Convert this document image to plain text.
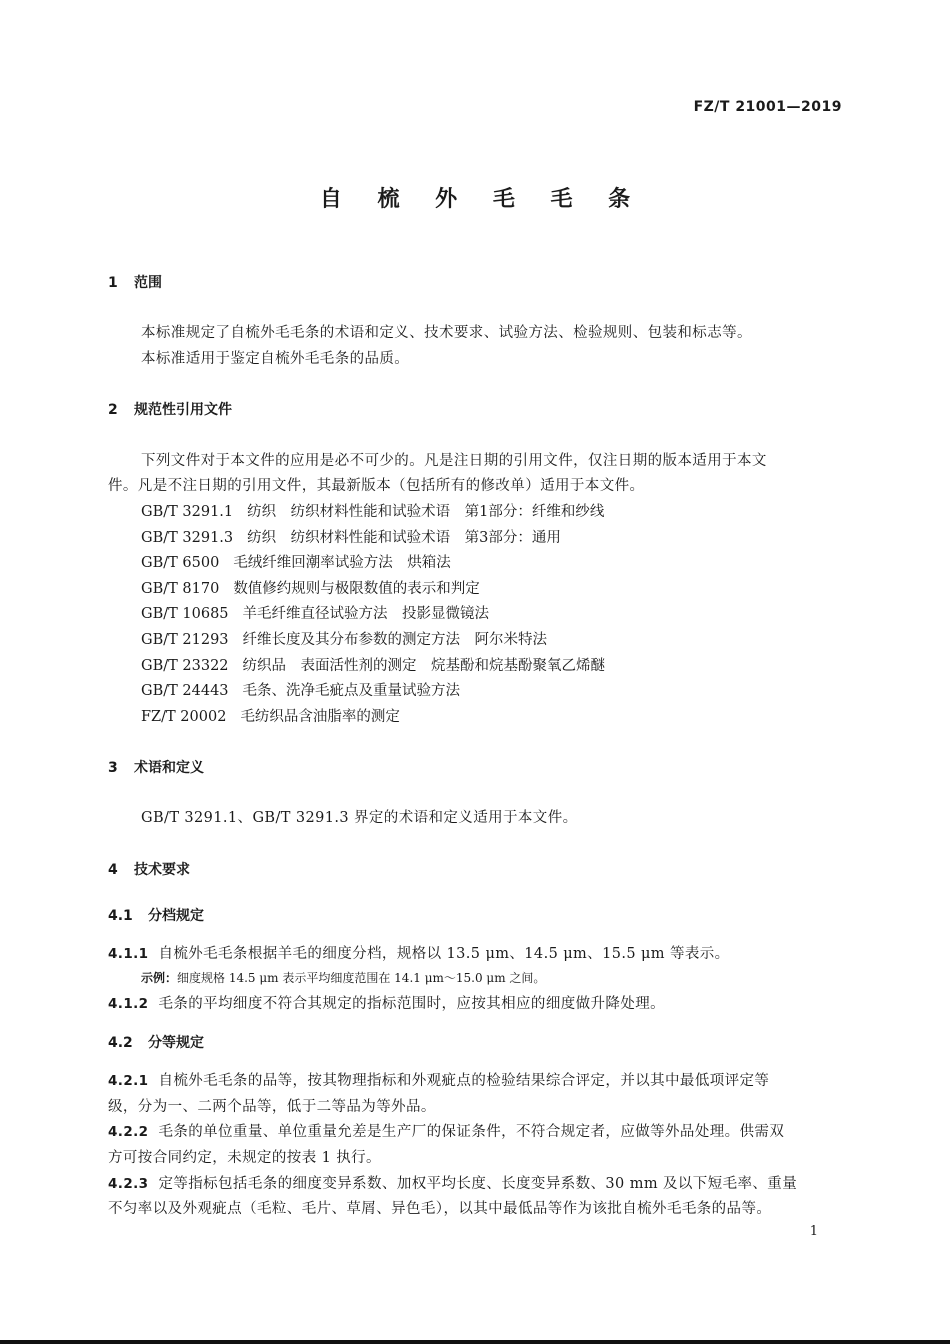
FZ/T 21001—2019
自 梳 外 毛 毛 条
1 范围
本标准规定了自梳外毛毛条的术语和定义、技术要求、试验方法、检验规则、包装和标志等。
本标准适用于鉴定自梳外毛毛条的品质。
2 规范性引用文件
下列文件对于本文件的应用是必不可少的。凡是注日期的引用文件，仅注日期的版本适用于本文
件。凡是不注日期的引用文件，其最新版本（包括所有的修改单）适用于本文件。
GB/T 3291.1 纺织　纺织材料性能和试验术语　第1部分：纤维和纱线
GB/T 3291.3 纺织　纺织材料性能和试验术语　第3部分：通用
GB/T 6500 毛绒纤维回潮率试验方法　烘箱法
GB/T 8170 数值修约规则与极限数值的表示和判定
GB/T 10685 羊毛纤维直径试验方法　投影显微镜法
GB/T 21293 纤维长度及其分布参数的测定方法　阿尔米特法
GB/T 23322 纺织品　表面活性剂的测定　烷基酚和烷基酚聚氧乙烯醚
GB/T 24443 毛条、洗净毛疵点及重量试验方法
FZ/T 20002 毛纺织品含油脂率的测定
3 术语和定义
GB/T 3291.1、GB/T 3291.3 界定的术语和定义适用于本文件。
4 技术要求
4.1 分档规定
4.1.1 自梳外毛毛条根据羊毛的细度分档，规格以 13.5 μm、14.5 μm、15.5 μm 等表示。
示例：细度规格 14.5 μm 表示平均细度范围在 14.1 μm～15.0 μm 之间。
4.1.2 毛条的平均细度不符合其规定的指标范围时，应按其相应的细度做升降处理。
4.2 分等规定
4.2.1 自梳外毛毛条的品等，按其物理指标和外观疵点的检验结果综合评定，并以其中最低项评定等
级，分为一、二两个品等，低于二等品为等外品。
4.2.2 毛条的单位重量、单位重量允差是生产厂的保证条件，不符合规定者，应做等外品处理。供需双
方可按合同约定，未规定的按表 1 执行。
4.2.3 定等指标包括毛条的细度变异系数、加权平均长度、长度变异系数、30 mm 及以下短毛率、重量
不匀率以及外观疵点（毛粒、毛片、草屑、异色毛），以其中最低品等作为该批自梳外毛毛条的品等。
1
